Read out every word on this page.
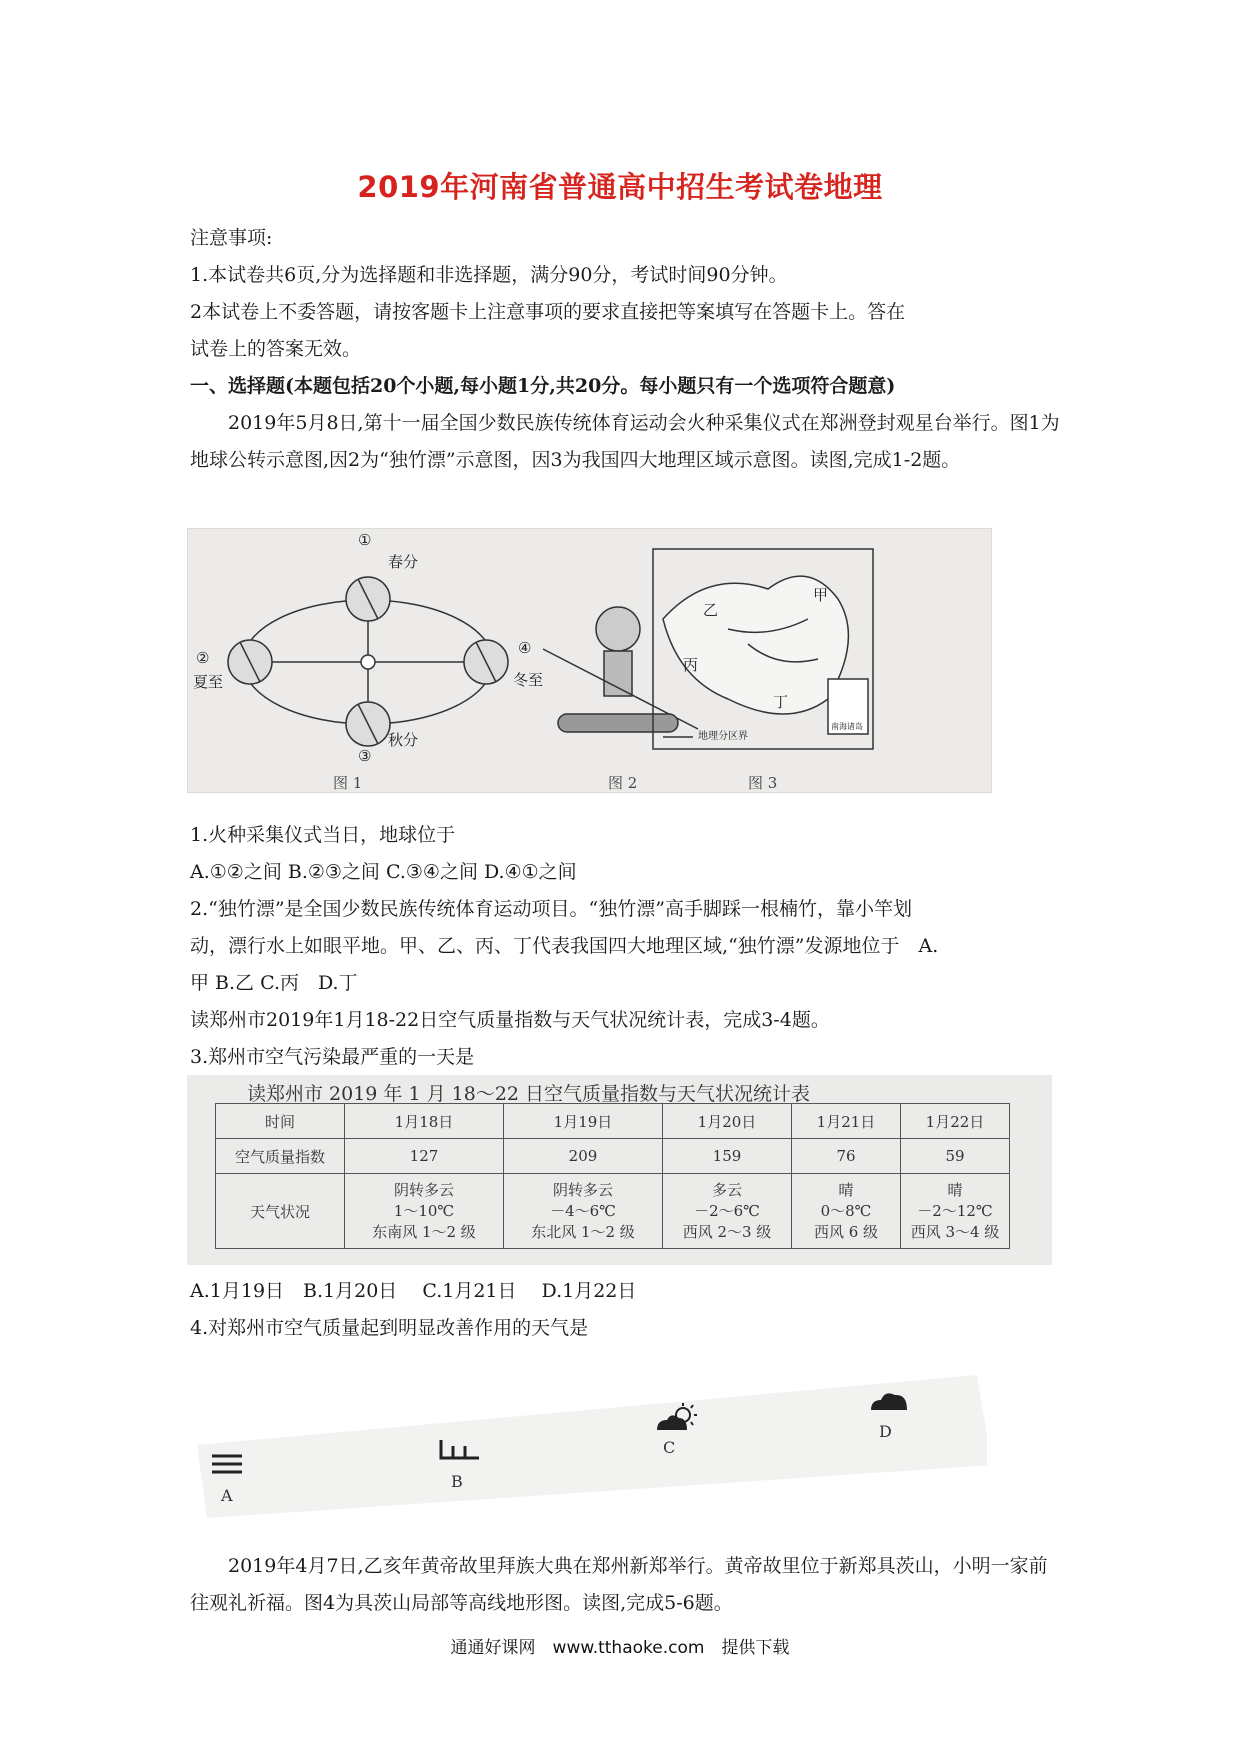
2019年河南省普通高中招生考试卷地理
注意事项:
1.本试卷共6页,分为选择题和非选择题，满分90分，考试时间90分钟。
2本试卷上不委答题，请按客题卡上注意事项的要求直接把等案填写在答题卡上。答在
试卷上的答案无效。
一、选择题(本题包括20个小题,每小题1分,共20分。每小题只有一个选项符合题意)
2019年5月8日,第十一届全国少数民族传统体育运动会火种采集仪式在郑洲登封观星台举行。图1为地球公转示意图,因2为“独竹漂”示意图，因3为我国四大地理区域示意图。读图,完成1-2题。
①
春分
②
夏至
③
秋分
④
冬至
图 1	图 2
甲
乙
丙
丁
地理分区界
南海诸岛
图 3
1.火种采集仪式当日，地球位于
A.①②之间 B.②③之间 C.③④之间 D.④①之间
2.“独竹漂”是全国少数民族传统体育运动项目。“独竹漂”高手脚踩一根楠竹，靠小竿划
动，漂行水上如眼平地。甲、乙、丙、丁代表我国四大地理区域,“独竹漂”发源地位于　A.
甲 B.乙 C.丙　D.丁
读郑州市2019年1月18-22日空气质量指数与天气状况统计表，完成3-4题。
3.郑州市空气污染最严重的一天是
读郑州市 2019 年 1 月 18～22 日空气质量指数与天气状况统计表
时间	1月18日	1月19日	1月20日	1月21日	1月22日
空气质量指数	127	209	159	76	59
天气状况	阴转多云
1～10℃
东南风 1～2 级	阴转多云
－4～6℃
东北风 1～2 级	多云
－2～6℃
西风 2～3 级	晴
0～8℃
西风 6 级	晴
－2～12℃
西风 3～4 级
A.1月19日　B.1月20日　 C.1月21日　 D.1月22日
4.对郑州市空气质量起到明显改善作用的天气是
A
B
C
D
2019年4月7日,乙亥年黄帝故里拜族大典在郑州新郑举行。黄帝故里位于新郑具茨山，小明一家前往观礼祈福。图4为具茨山局部等高线地形图。读图,完成5-6题。
通通好课网　www.tthaoke.com　提供下载
